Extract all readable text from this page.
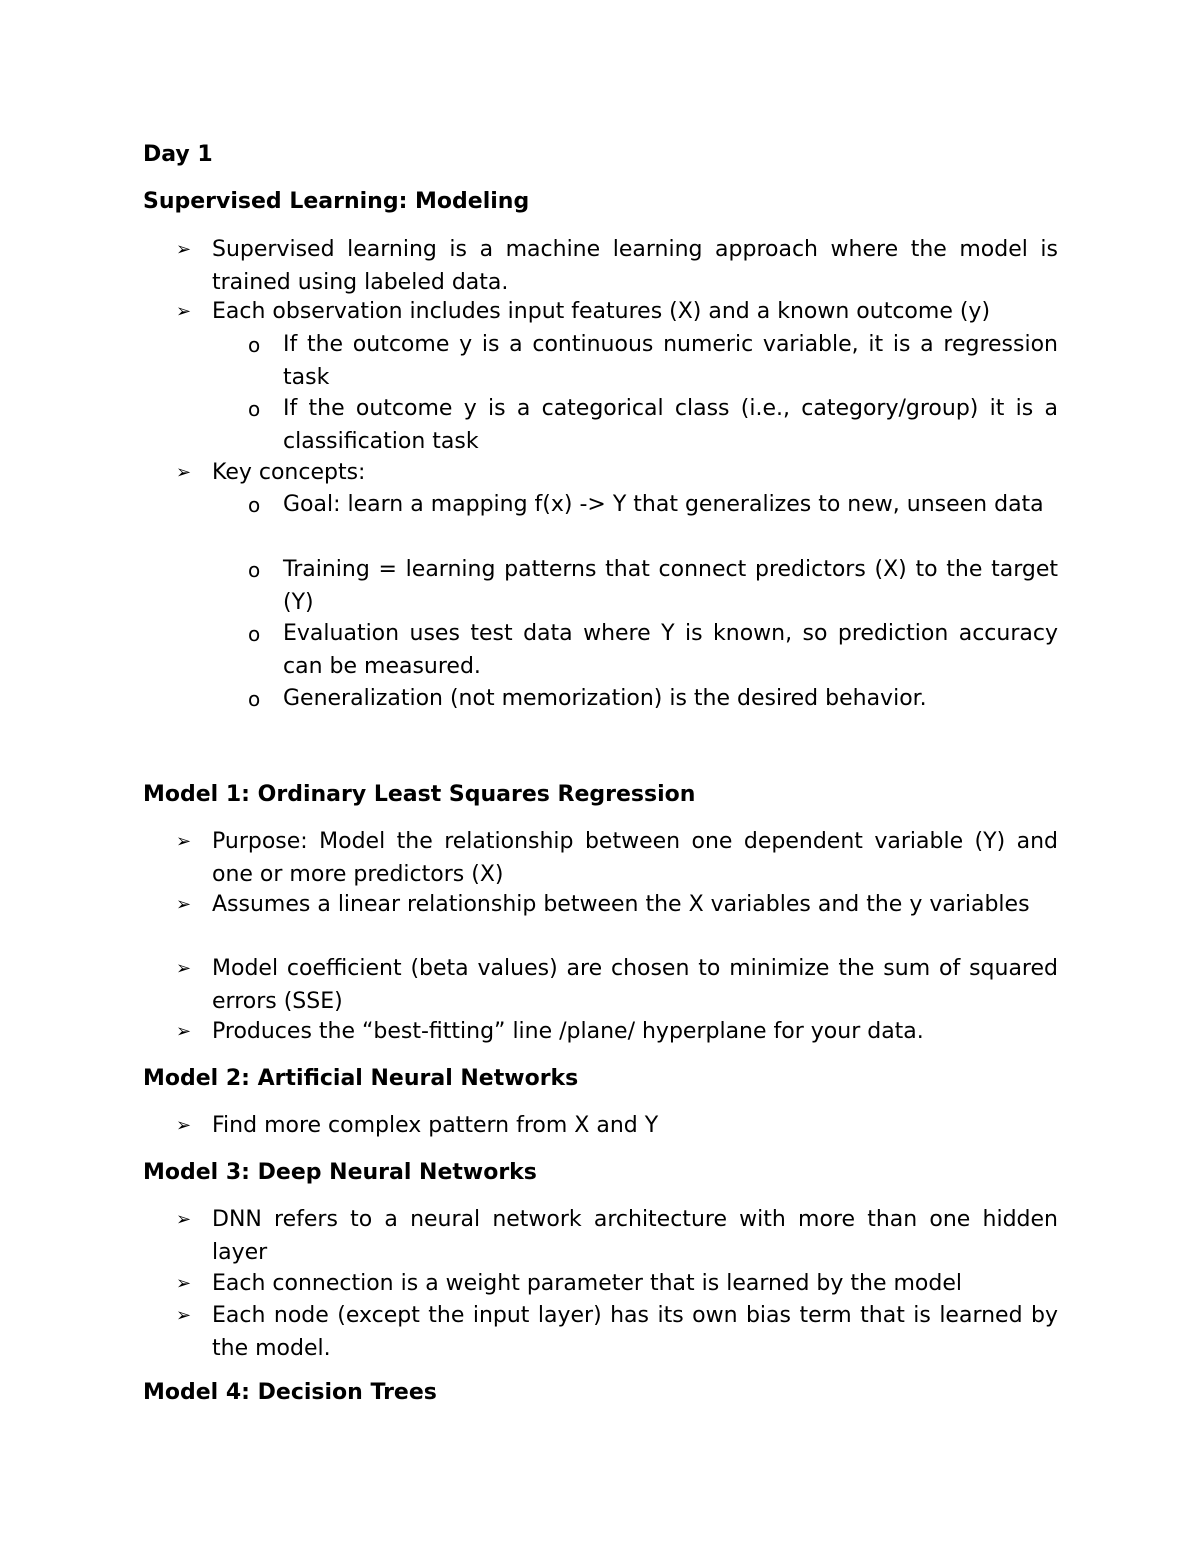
Day 1
Supervised Learning: Modeling
➢ Supervised learning is a machine learning approach where the model is trained using labeled data.
➢ Each observation includes input features (X) and a known outcome (y)
o If the outcome y is a continuous numeric variable, it is a regression task
o If the outcome y is a categorical class (i.e., category/group) it is a classification task
➢ Key concepts:
o Goal: learn a mapping f(x) -> Y that generalizes to new, unseen data
o Training = learning patterns that connect predictors (X) to the target (Y)
o Evaluation uses test data where Y is known, so prediction accuracy can be measured.
o Generalization (not memorization) is the desired behavior.
Model 1: Ordinary Least Squares Regression
➢ Purpose: Model the relationship between one dependent variable (Y) and one or more predictors (X)
➢ Assumes a linear relationship between the X variables and the y variables
➢ Model coefficient (beta values) are chosen to minimize the sum of squared errors (SSE)
➢ Produces the “best-fitting” line /plane/ hyperplane for your data.
Model 2: Artificial Neural Networks
➢ Find more complex pattern from X and Y
Model 3: Deep Neural Networks
➢ DNN refers to a neural network architecture with more than one hidden layer
➢ Each connection is a weight parameter that is learned by the model
➢ Each node (except the input layer) has its own bias term that is learned by the model.
Model 4: Decision Trees
